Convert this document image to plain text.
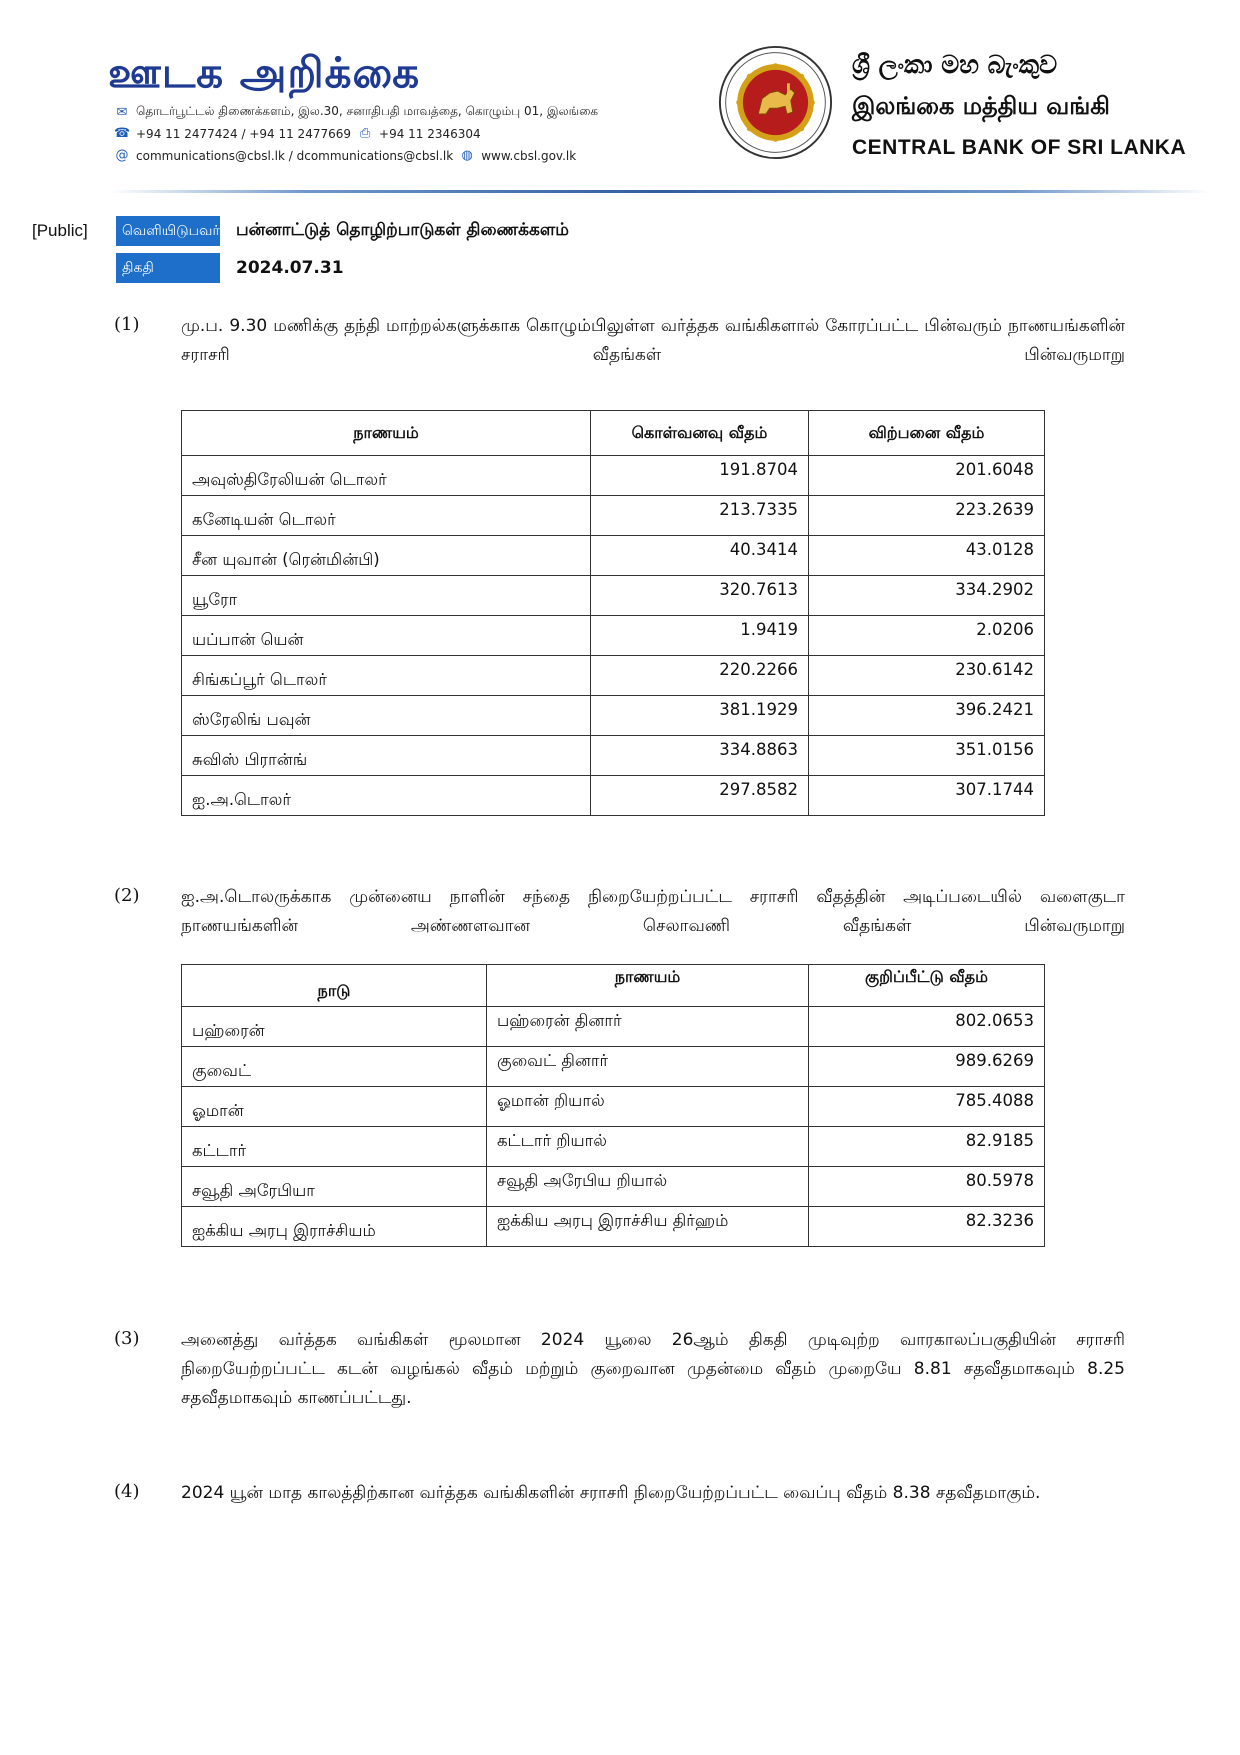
ஊடக அறிக்கை
✉ தொடர்பூட்டல் திணைக்களம், இல.30, சனாதிபதி மாவத்தை, கொழும்பு 01, இலங்கை
☎ +94 11 2477424 / +94 11 2477669 ⎙ +94 11 2346304
@ communications@cbsl.lk / dcommunications@cbsl.lk ◍ www.cbsl.gov.lk
ශ්‍රී ලංකා මහ බැංකුව
இலங்கை மத்திய வங்கி
CENTRAL BANK OF SRI LANKA
[Public]	வெளியிடுபவர் பன்னாட்டுத் தொழிற்பாடுகள் திணைக்களம்
திகதி	2024.07.31
(1) மு.ப. 9.30 மணிக்கு தந்தி மாற்றல்களுக்காக கொழும்பிலுள்ள வர்த்தக வங்கிகளால் கோரப்பட்ட பின்வரும் நாணயங்களின் சராசரி வீதங்கள் பின்வருமாறு
நாணயம்	கொள்வனவு வீதம்	விற்பனை வீதம்
அவுஸ்திரேலியன் டொலர்	191.8704	201.6048
கனேடியன் டொலர்	213.7335	223.2639
சீன யுவான் (ரென்மின்பி)	40.3414	43.0128
யூரோ	320.7613	334.2902
யப்பான் யென்	1.9419	2.0206
சிங்கப்பூர் டொலர்	220.2266	230.6142
ஸ்ரேலிங் பவுன்	381.1929	396.2421
சுவிஸ் பிரான்ங்	334.8863	351.0156
ஐ.அ.டொலர்	297.8582	307.1744
(2) ஐ.அ.டொலருக்காக முன்னைய நாளின் சந்தை நிறையேற்றப்பட்ட சராசரி வீதத்தின் அடிப்படையில் வளைகுடா நாணயங்களின் அண்ணளவான செலாவணி வீதங்கள் பின்வருமாறு
நாடு	நாணயம்	குறிப்பீட்டு வீதம்
பஹ்ரைன்	பஹ்ரைன் தினார்	802.0653
குவைட்	குவைட் தினார்	989.6269
ஓமான்	ஓமான் றியால்	785.4088
கட்டார்	கட்டார் றியால்	82.9185
சவூதி அரேபியா	சவூதி அரேபிய றியால்	80.5978
ஐக்கிய அரபு இராச்சியம்	ஐக்கிய அரபு இராச்சிய திர்ஹம்	82.3236
(3) அனைத்து வர்த்தக வங்கிகள் மூலமான 2024 யூலை 26ஆம் திகதி முடிவுற்ற வாரகாலப்பகுதியின் சராசரி நிறையேற்றப்பட்ட கடன் வழங்கல் வீதம் மற்றும் குறைவான முதன்மை வீதம் முறையே 8.81 சதவீதமாகவும் 8.25 சதவீதமாகவும் காணப்பட்டது.
(4) 2024 யூன் மாத காலத்திற்கான வர்த்தக வங்கிகளின் சராசரி நிறையேற்றப்பட்ட வைப்பு வீதம் 8.38 சதவீதமாகும்.
